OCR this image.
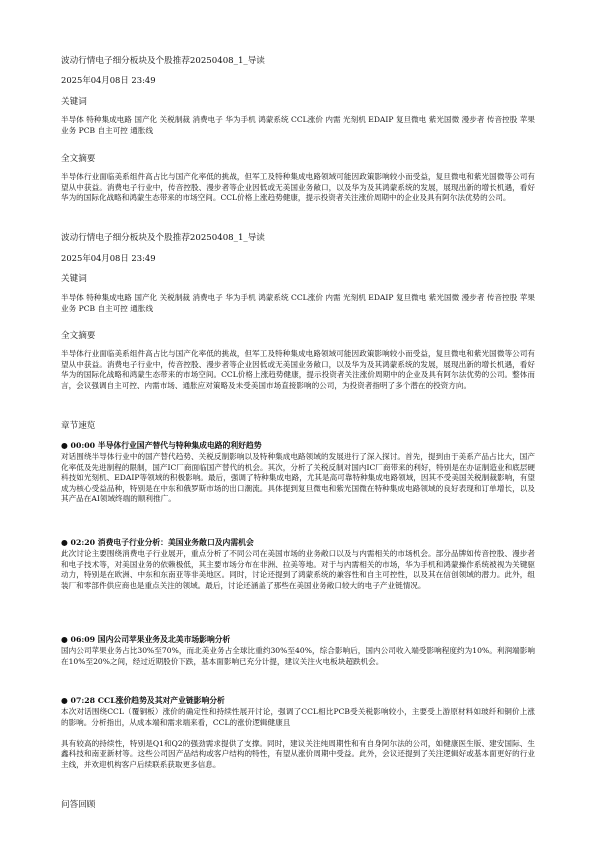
波动行情电子细分板块及个股推荐20250408_1_导读

2025年04月08日 23:49

关键词

半导体 特种集成电路 国产化 关税制裁 消费电子 华为手机 鸿蒙系统 CCL涨价 内需 光刻机 EDAIP 复旦微电 紫光国微 漫步者 传音控股 苹果业务 PCB 自主可控 通胀线

全文摘要

半导体行业面临美系组件高占比与国产化率低的挑战，但军工及特种集成电路领域可能因政策影响较小而受益，复旦微电和紫光国微等公司有望从中获益。消费电子行业中，传音控股、漫步者等企业因低或无美国业务敞口，以及华为及其鸿蒙系统的发展，展现出新的增长机遇，看好华为的国际化战略和鸿蒙生态带来的市场空间。CCL价格上涨趋势健康，提示投资者关注涨价周期中的企业及具有阿尔法优势的公司。

波动行情电子细分板块及个股推荐20250408_1_导读

2025年04月08日 23:49

关键词

半导体 特种集成电路 国产化 关税制裁 消费电子 华为手机 鸿蒙系统 CCL涨价 内需 光刻机 EDAIP 复旦微电 紫光国微 漫步者 传音控股 苹果业务 PCB 自主可控 通胀线

全文摘要

半导体行业面临美系组件高占比与国产化率低的挑战，但军工及特种集成电路领域可能因政策影响较小而受益，复旦微电和紫光国微等公司有望从中获益。消费电子行业中，传音控股、漫步者等企业因低或无美国业务敞口，以及华为及其鸿蒙系统的发展，展现出新的增长机遇，看好华为的国际化战略和鸿蒙生态带来的市场空间。CCL价格上涨趋势健康，提示投资者关注涨价周期中的企业及具有阿尔法优势的公司。整体而言，会议强调自主可控、内需市场、通胀应对策略及未受美国市场直接影响的公司，为投资者指明了多个潜在的投资方向。

章节速览

● 00:00 半导体行业国产替代与特种集成电路的利好趋势

对话围绕半导体行业中的国产替代趋势、关税反制影响以及特种集成电路领域的发展进行了深入探讨。首先，提到由于美系产品占比大，国产化率低及先进制程的限制，国产IC厂商面临国产替代的机会。其次，分析了关税反制对国内IC厂商带来的利好，特别是在办证制造业和底层硬科技如光刻机、EDAIP等领域的积极影响。最后，强调了特种集成电路，尤其是高可靠特种集成电路领域，因其不受美国关税制裁影响，有望成为核心受益品种，特别是在中东和俄罗斯市场的出口潮流。具体提到复旦微电和紫光国微在特种集成电路领域的良好表现和订单增长，以及其产品在AI领域终端的顺利推广。

● 02:20 消费电子行业分析：美国业务敞口及内需机会

此次讨论主要围绕消费电子行业展开，重点分析了不同公司在美国市场的业务敞口以及与内需相关的市场机会。部分品牌如传音控股、漫步者和电子技术等，对美国业务的依赖极低，其主要市场分布在非洲、拉美等地。对于与内需相关的市场，华为手机和鸿蒙操作系统被视为关键驱动力，特别是在欧洲、中东和东南亚等非美地区。同时，讨论还提到了鸿蒙系统的兼容性和自主可控性，以及其在信创领域的潜力。此外，组装厂和零部件供应商也是重点关注的领域。最后，讨论还涵盖了那些在美国业务敞口较大的电子产业链情况。

● 06:09 国内公司苹果业务及北美市场影响分析

国内公司苹果业务占比30%至70%，而北美业务占全球比重约30%至40%，综合影响后，国内公司收入端受影响程度约为10%。利润端影响在10%至20%之间，经过近期股价下跌，基本面影响已充分计提，建议关注火电板块超跌机会。

● 07:28 CCL涨价趋势及其对产业链影响分析

本次对话围绕CCL（覆铜板）涨价的确定性和持续性展开讨论，强调了CCL相比PCB受关税影响较小，主要受上游原材料如玻纤和铜价上涨的影响。分析指出，从成本端和需求端来看，CCL的涨价逻辑健康且

具有较高的持续性，特别是Q1和Q2的强劲需求提供了支撑。同时，建议关注纯周期性和有自身阿尔法的公司，如健康医生版、建安国际、生鑫科技和南亚新材等。这些公司因产品结构或客户结构的特性，有望从涨价周期中受益。此外，会议还提到了关注逻辑好或基本面更好的行业主线，并欢迎机构客户后续联系获取更多信息。

问答回顾
